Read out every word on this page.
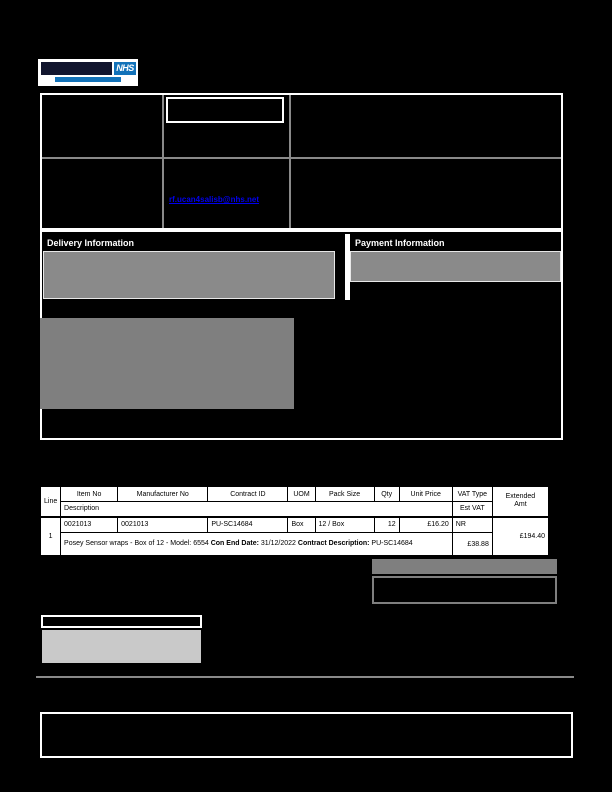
NHS
rf.ucan4salisb@nhs.net
Delivery Information	Payment Information
Line	Item No	Manufacturer No	Contract ID	UOM	Pack Size	Qty	Unit Price	VAT Type	Extended Amt
	Description							Est VAT	
1	0021013	0021013	PU-SC14684	Box	12 / Box	12	£16.20	NR	£194.40
	Posey Sensor wraps - Box of 12 - Model: 6554 Con End Date: 31/12/2022 Contract Description: PU-SC14684							£38.88	
